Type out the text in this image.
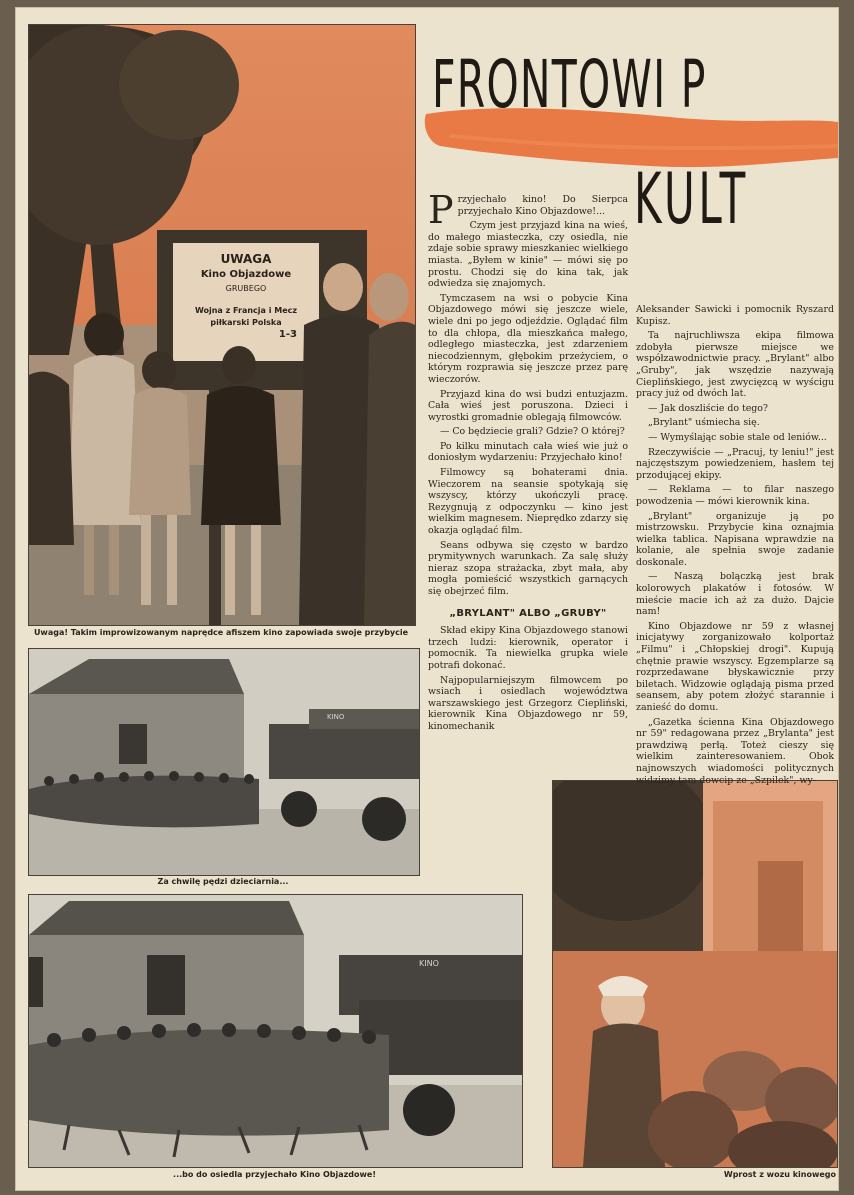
UWAGA
Kino Objazdowe
GRUBEGO
Wojna z Francja i Mecz
piłkarski Polska
1-3
Uwaga! Takim improwizowanym naprędce afiszem kino zapowiada swoje przybycie
KINO
Za chwilę pędzi dzieciarnia...
KINO
...bo do osiedla przyjechało Kino Objazdowe!	Wprost z wozu kinowego
FRONTOWI P
KULT

Przyjechało kino! Do Sierpca przyjechało Kino Objazdowe!...

Czym jest przyjazd kina na wieś, do małego miasteczka, czy osiedla, nie zdaje sobie sprawy mieszkaniec wielkiego miasta. „Byłem w kinie" — mówi się po prostu. Chodzi się do kina tak, jak odwiedza się znajomych.

Tymczasem na wsi o pobycie Kina Objazdowego mówi się jeszcze wiele, wiele dni po jego odjeździe. Oglądać film to dla chłopa, dla mieszkańca małego, odległego miasteczka, jest zdarzeniem niecodziennym, głębokim przeżyciem, o którym rozprawia się jeszcze przez parę wieczorów.

Przyjazd kina do wsi budzi entuzjazm. Cała wieś jest poruszona. Dzieci i wyrostki gromadnie oblegają filmowców.

— Co będziecie grali? Gdzie? O której?

Po kilku minutach cała wieś wie już o doniosłym wydarzeniu: Przyjechało kino!

Filmowcy są bohaterami dnia. Wieczorem na seansie spotykają się wszyscy, którzy ukończyli pracę. Rezygnują z odpoczynku — kino jest wielkim magnesem. Nieprędko zdarzy się okazja oglądać film.

Seans odbywa się często w bardzo prymitywnych warunkach. Za salę służy nieraz szopa strażacka, zbyt mała, aby mogła pomieścić wszystkich garnących się obejrzeć film.

„BRYLANT" ALBO „GRUBY"

Skład ekipy Kina Objazdowego stanowi trzech ludzi: kierownik, operator i pomocnik. Ta niewielka grupka wiele potrafi dokonać.

Najpopularniejszym filmowcem po wsiach i osiedlach województwa warszawskiego jest Grzegorz Ciepliński, kierownik Kina Objazdowego nr 59, kinomechanik

Aleksander Sawicki i pomocnik Ryszard Kupisz.

Ta najruchliwsza ekipa filmowa zdobyła pierwsze miejsce we współzawodnictwie pracy. „Brylant" albo „Gruby", jak wszędzie nazywają Cieplińskiego, jest zwycięzcą w wyścigu pracy już od dwóch lat.

— Jak doszliście do tego?

„Brylant" uśmiecha się.

— Wymyślając sobie stale od leniów...

Rzeczywiście — „Pracuj, ty leniu!" jest najczęstszym powiedzeniem, hasłem tej przodującej ekipy.

— Reklama — to filar naszego powodzenia — mówi kierownik kina.

„Brylant" organizuje ją po mistrzowsku. Przybycie kina oznajmia wielka tablica. Napisana wprawdzie na kolanie, ale spełnia swoje zadanie doskonale.

— Naszą bolączką jest brak kolorowych plakatów i fotosów. W mieście macie ich aż za dużo. Dajcie nam!

Kino Objazdowe nr 59 z własnej inicjatywy zorganizowało kolportaż „Filmu" i „Chłopskiej drogi". Kupują chętnie prawie wszyscy. Egzemplarze są rozprzedawane błyskawicznie przy biletach. Widzowie oglądają pisma przed seansem, aby potem złożyć starannie i zanieść do domu.

„Gazetka ścienna Kina Objazdowego nr 59" redagowana przez „Brylanta" jest prawdziwą perłą. Toteż cieszy się wielkim zainteresowaniem. Obok najnowszych wiadomości politycznych widzimy tam dowcip ze „Szpilek", wy-
